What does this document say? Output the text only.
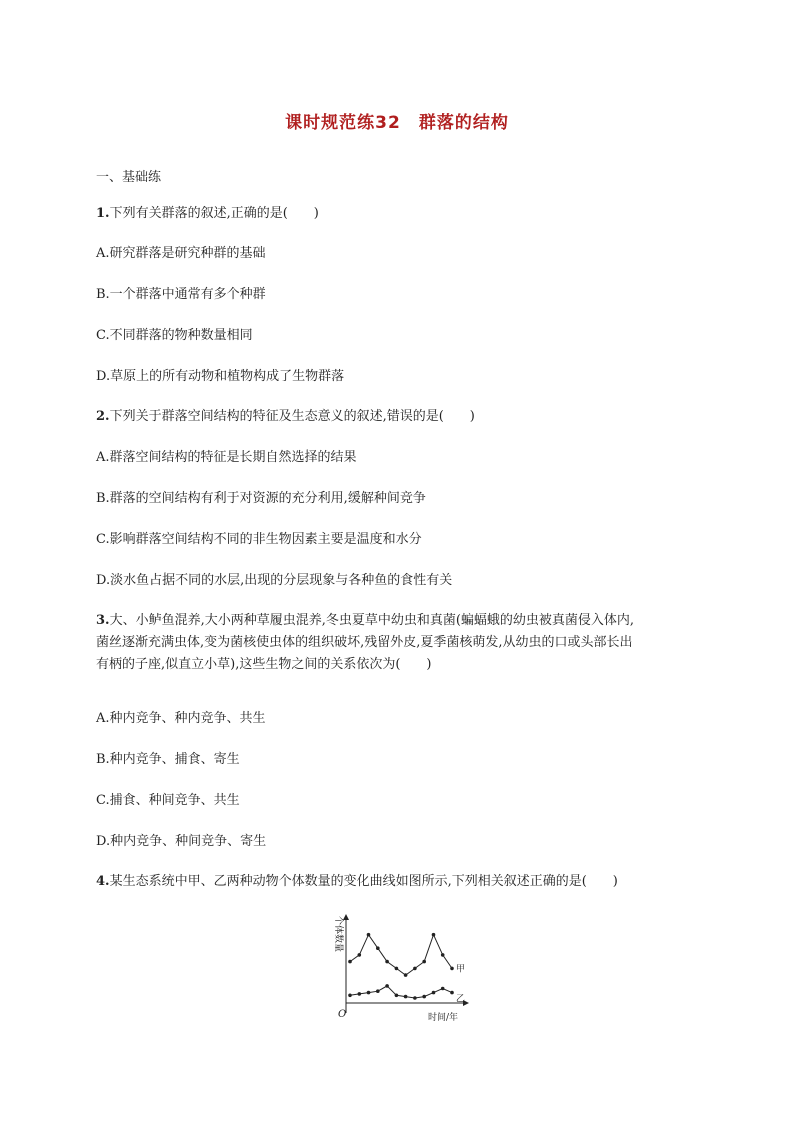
课时规范练32　群落的结构
一、基础练
1.下列有关群落的叙述,正确的是(　　)
A.研究群落是研究种群的基础
B.一个群落中通常有多个种群
C.不同群落的物种数量相同
D.草原上的所有动物和植物构成了生物群落
2.下列关于群落空间结构的特征及生态意义的叙述,错误的是(　　)
A.群落空间结构的特征是长期自然选择的结果
B.群落的空间结构有利于对资源的充分利用,缓解种间竞争
C.影响群落空间结构不同的非生物因素主要是温度和水分
D.淡水鱼占据不同的水层,出现的分层现象与各种鱼的食性有关
3.大、小鲈鱼混养,大小两种草履虫混养,冬虫夏草中幼虫和真菌(蝙蝠蛾的幼虫被真菌侵入体内,
菌丝逐渐充满虫体,变为菌核使虫体的组织破坏,残留外皮,夏季菌核萌发,从幼虫的口或头部长出
有柄的子座,似直立小草),这些生物之间的关系依次为(　　)
A.种内竞争、种内竞争、共生
B.种内竞争、捕食、寄生
C.捕食、种间竞争、共生
D.种内竞争、种间竞争、寄生
4.某生态系统中甲、乙两种动物个体数量的变化曲线如图所示,下列相关叙述正确的是(　　)
个体数量
时间/年
O
甲
乙
